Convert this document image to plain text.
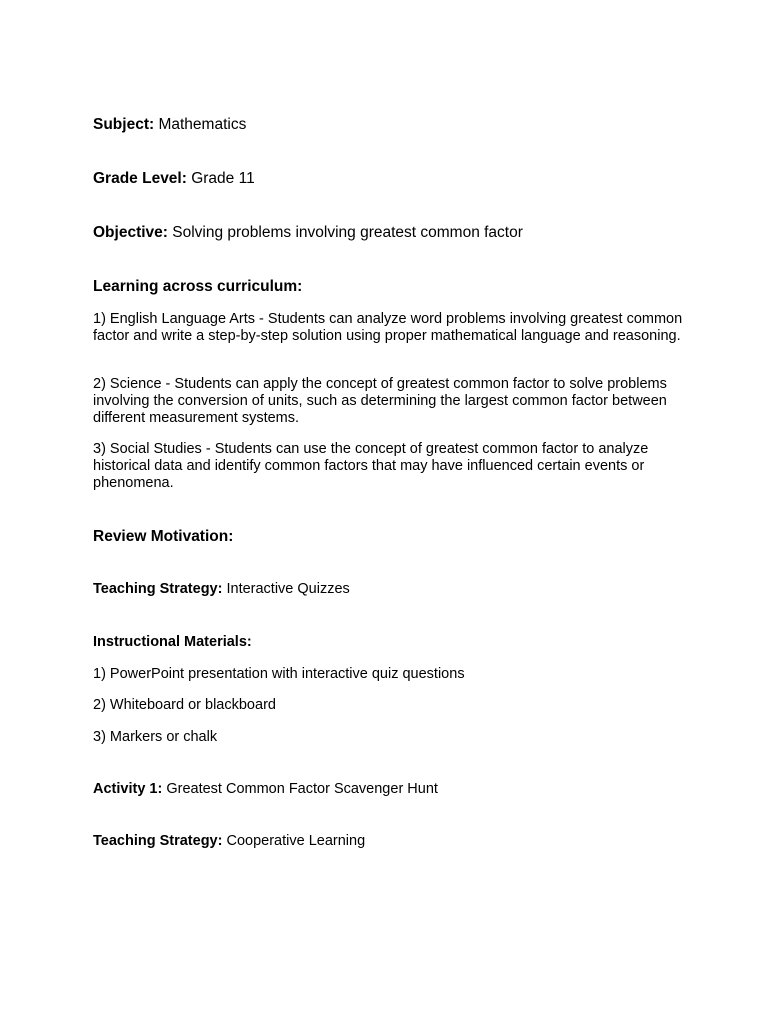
Subject: Mathematics
Grade Level: Grade 11
Objective: Solving problems involving greatest common factor
Learning across curriculum:
1) English Language Arts - Students can analyze word problems involving greatest common factor and write a step-by-step solution using proper mathematical language and reasoning.
2) Science - Students can apply the concept of greatest common factor to solve problems involving the conversion of units, such as determining the largest common factor between different measurement systems.
3) Social Studies - Students can use the concept of greatest common factor to analyze historical data and identify common factors that may have influenced certain events or phenomena.
Review Motivation:
Teaching Strategy: Interactive Quizzes
Instructional Materials:
1) PowerPoint presentation with interactive quiz questions
2) Whiteboard or blackboard
3) Markers or chalk
Activity 1: Greatest Common Factor Scavenger Hunt
Teaching Strategy: Cooperative Learning
